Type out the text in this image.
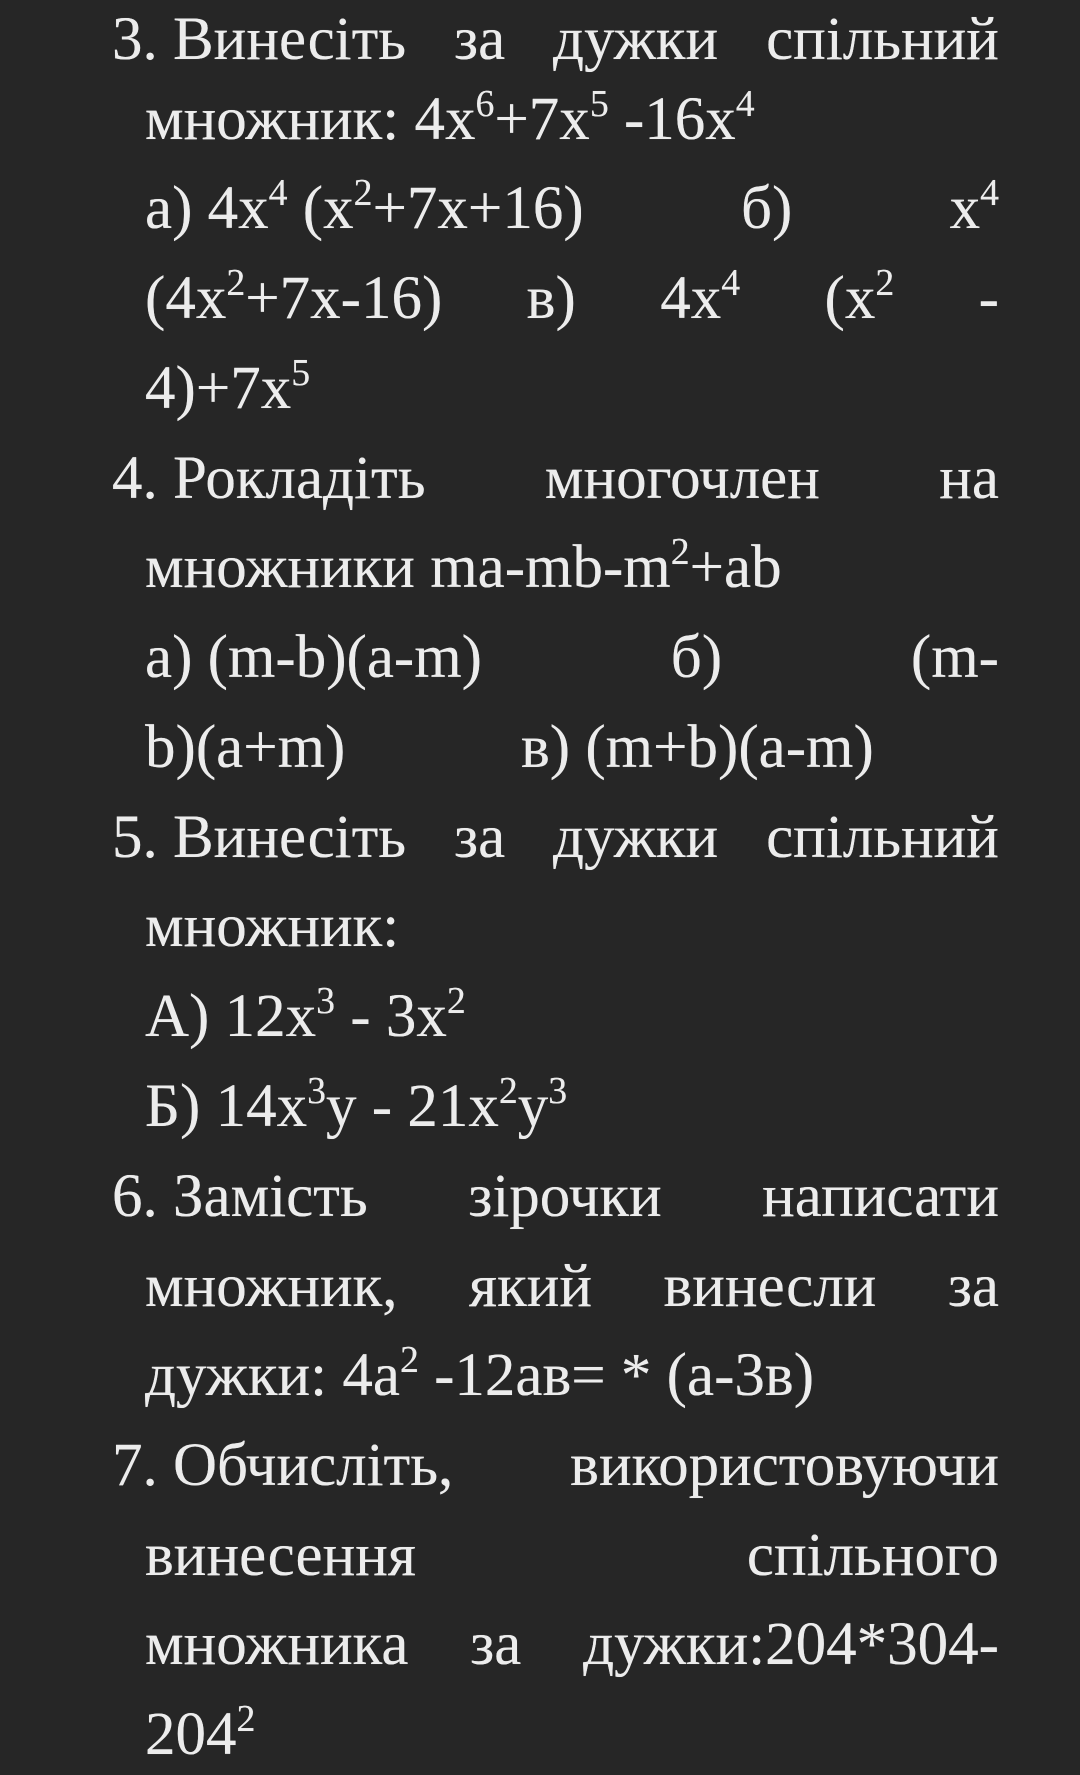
3. Винесіть за дужки спільний
множник: $4x^6+7x^5$ $-16x^4$
а) $4x^4$ $(x^2+7x+16)$	б)	$x^4$
$(4x^2+7x-16)$ в) $4x^4$ ($x^2$ -
$4)+7x^5$
4. Рокладіть многочлен на
множники $ma-mb-m^2+ab$
а) (m-b)(a-m)	б)	(m-
b)(a+m)	в) (m+b)(a-m)
5. Винесіть за дужки спільний
множник:
А) $12x^3 - 3x^2$
Б) $14x^3y - 21x^2y^3$
6. Замість зірочки написати
множник, який винесли за
дужки: $4a^2$ -12aв= * (a-3в)
7. Обчисліть, використовуючи
винесення	спільного
множника за дужки:204*304-
$204^2$
